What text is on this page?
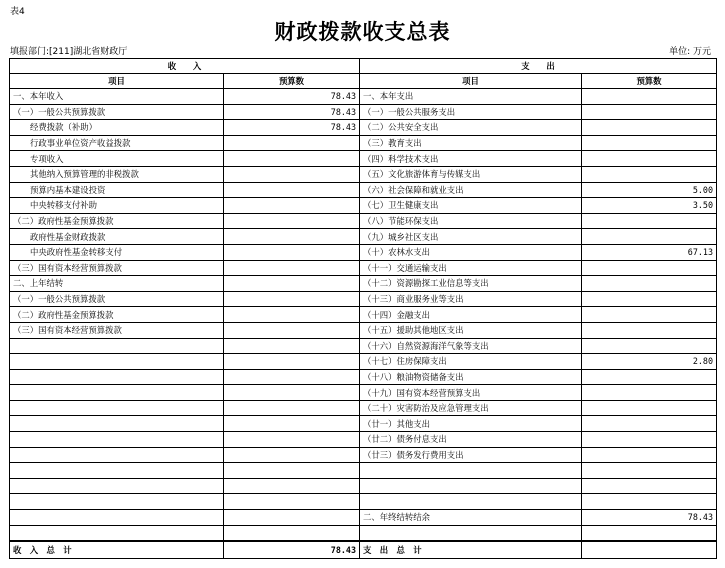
表4
财政拨款收支总表
填报部门:[211]湖北省财政厅	单位: 万元
收　　入		支　　出	
项目	预算数	项目	预算数
一、本年收入	78.43	一、本年支出	
（一）一般公共预算拨款	78.43	（一）一般公共服务支出	
经费拨款（补助）	78.43	（二）公共安全支出	
行政事业单位资产收益拨款		（三）教育支出	
专项收入		（四）科学技术支出	
其他纳入预算管理的非税拨款		（五）文化旅游体育与传媒支出	
预算内基本建设投资		（六）社会保障和就业支出	5.00
中央转移支付补助		（七）卫生健康支出	3.50
（二）政府性基金预算拨款		（八）节能环保支出	
政府性基金财政拨款		（九）城乡社区支出	
中央政府性基金转移支付		（十）农林水支出	67.13
（三）国有资本经营预算拨款		（十一）交通运输支出	
二、上年结转		（十二）资源勘探工业信息等支出	
（一）一般公共预算拨款		（十三）商业服务业等支出	
（二）政府性基金预算拨款		（十四）金融支出	
（三）国有资本经营预算拨款		（十五）援助其他地区支出	
		（十六）自然资源海洋气象等支出	
		（十七）住房保障支出	2.80
		（十八）粮油物资储备支出	
		（十九）国有资本经营预算支出	
		（二十）灾害防治及应急管理支出	
		（廿一）其他支出	
		（廿二）债务付息支出	
		（廿三）债务发行费用支出	

		二、年终结转结余	78.43

收　入　总　计	78.43	支　出　总　计	
